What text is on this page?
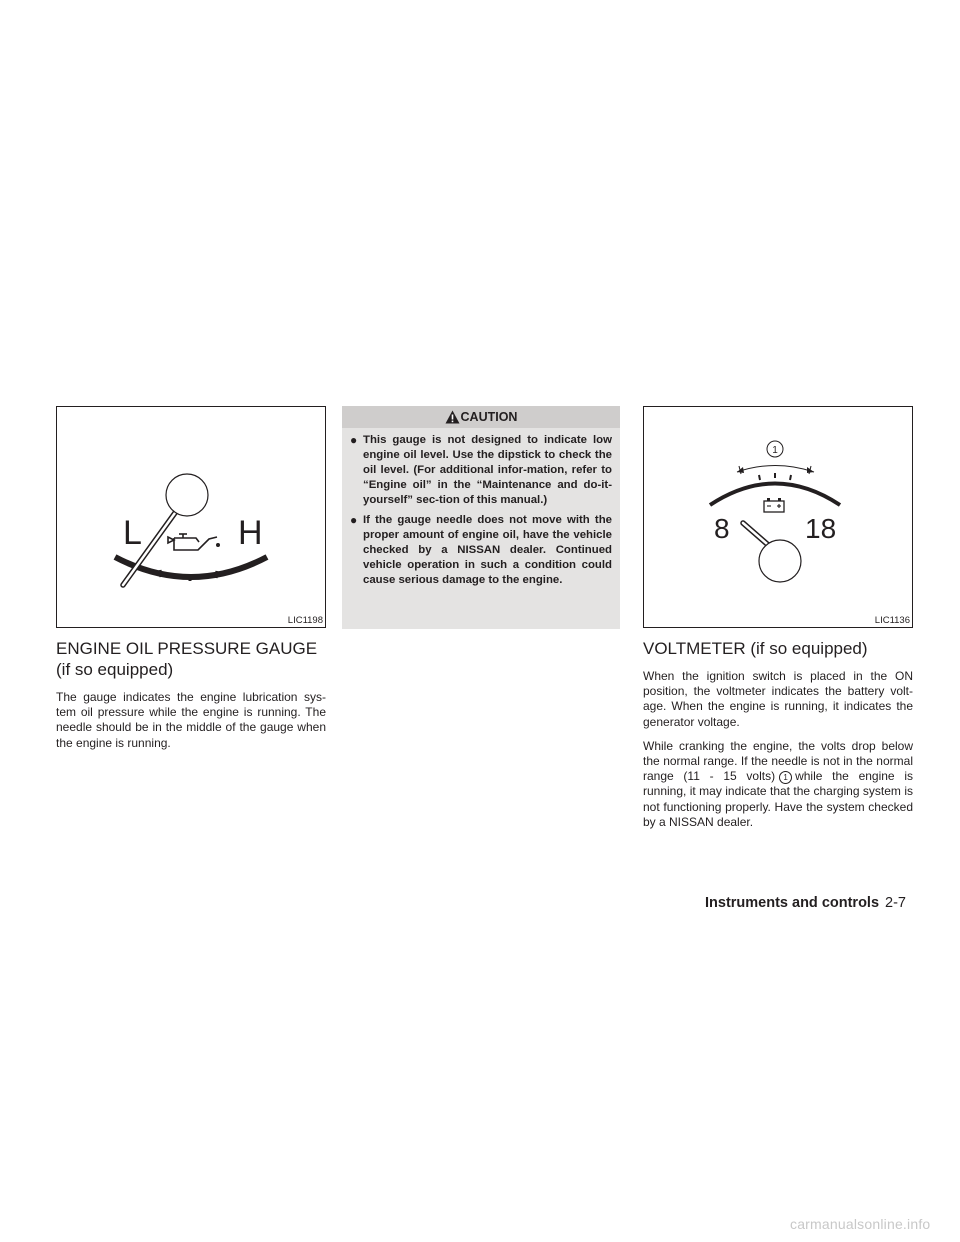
L	H
LIC1198
ENGINE OIL PRESSURE GAUGE (if so equipped)

The gauge indicates the engine lubrication sys-tem oil pressure while the engine is running. The needle should be in the middle of the gauge when the engine is running.

CAUTION
● This gauge is not designed to indicate low engine oil level. Use the dipstick to check the oil level. (For additional infor-mation, refer to “Engine oil” in the “Maintenance and do-it-yourself” sec-tion of this manual.)
● If the gauge needle does not move with the proper amount of engine oil, have the vehicle checked by a NISSAN dealer. Continued vehicle operation in such a condition could cause serious damage to the engine.
1
8	18
LIC1136
VOLTMETER (if so equipped)

When the ignition switch is placed in the ON position, the voltmeter indicates the battery volt-age. When the engine is running, it indicates the generator voltage.

While cranking the engine, the volts drop below the normal range. If the needle is not in the normal range (11 - 15 volts) 1 while the engine is running, it may indicate that the charging system is not functioning properly. Have the system checked by a NISSAN dealer.

Instruments and controls 2-7
carmanualsonline.info
